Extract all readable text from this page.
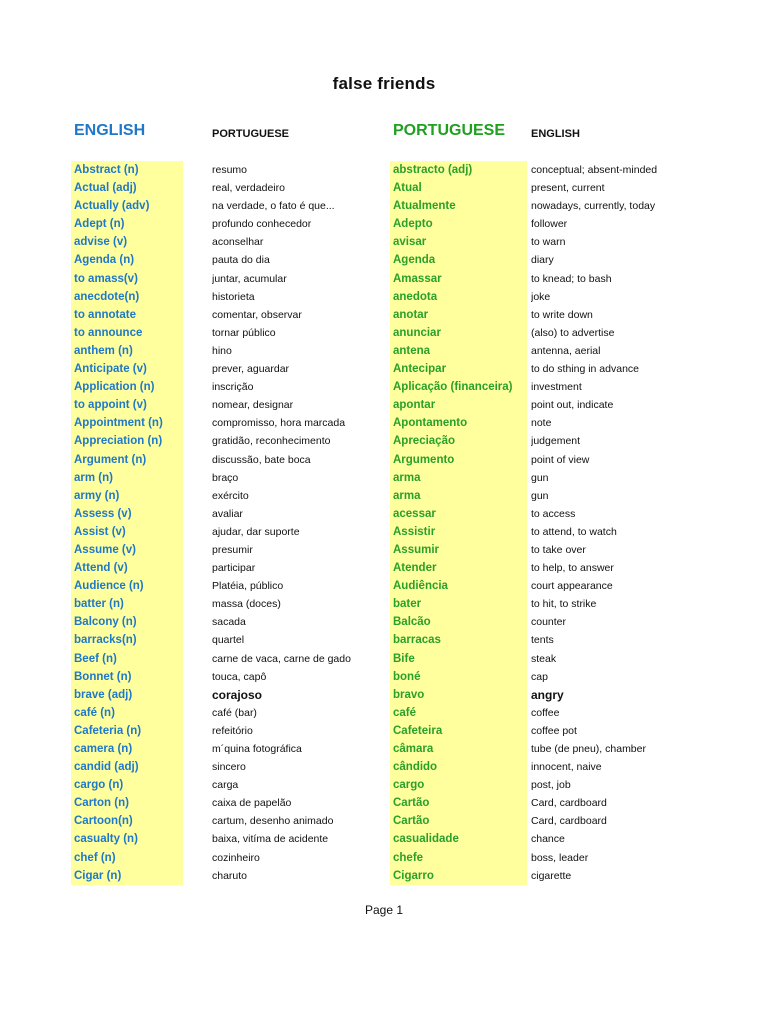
false friends
ENGLISH	PORTUGUESE	PORTUGUESE ENGLISH
Abstract (n)	resumo	abstracto (adj)	conceptual; absent-minded
Actual (adj)	real, verdadeiro	Atual	present, current
Actually (adv)	na verdade, o fato é que...	Atualmente	nowadays, currently, today
Adept (n)	profundo conhecedor	Adepto	follower
advise (v)	aconselhar	avisar	to warn
Agenda (n)	pauta do dia	Agenda	diary
to amass(v)	juntar, acumular	Amassar	to knead; to bash
anecdote(n)	historieta	anedota	joke
to annotate	comentar, observar	anotar	to write down
to announce	tornar público	anunciar	(also) to advertise
anthem (n)	hino	antena	antenna, aerial
Anticipate (v)	prever, aguardar	Antecipar	to do sthing in advance
Application (n)	inscrição	Aplicação (financeira)	investment
to appoint (v)	nomear, designar	apontar	point out, indicate
Appointment (n)	compromisso, hora marcada	Apontamento	note
Appreciation (n)	gratidão, reconhecimento	Apreciação	judgement
Argument (n)	discussão, bate boca	Argumento	point of view
arm (n)	braço	arma	gun
army (n)	exército	arma	gun
Assess (v)	avaliar	acessar	to access
Assist (v)	ajudar, dar suporte	Assistir	to attend, to watch
Assume (v)	presumir	Assumir	to take over
Attend (v)	participar	Atender	to help, to answer
Audience (n)	Platéia, público	Audiência	court appearance
batter (n)	massa (doces)	bater	to hit, to strike
Balcony (n)	sacada	Balcão	counter
barracks(n)	quartel	barracas	tents
Beef (n)	carne de vaca, carne de gado	Bife	steak
Bonnet (n)	touca, capô	boné	cap
brave (adj)	corajoso	bravo	angry
café (n)	café (bar)	café	coffee
Cafeteria (n)	refeitório	Cafeteira	coffee pot
camera (n)	m´quina fotográfica	câmara	tube (de pneu), chamber
candid (adj)	sincero	cândido	innocent, naive
cargo (n)	carga	cargo	post, job
Carton (n)	caixa de papelão	Cartão	Card, cardboard
Cartoon(n)	cartum, desenho animado	Cartão	Card, cardboard
casualty (n)	baixa, vitíma de acidente	casualidade	chance
chef (n)	cozinheiro	chefe	boss, leader
Cigar (n)	charuto	Cigarro	cigarette
Page 1
